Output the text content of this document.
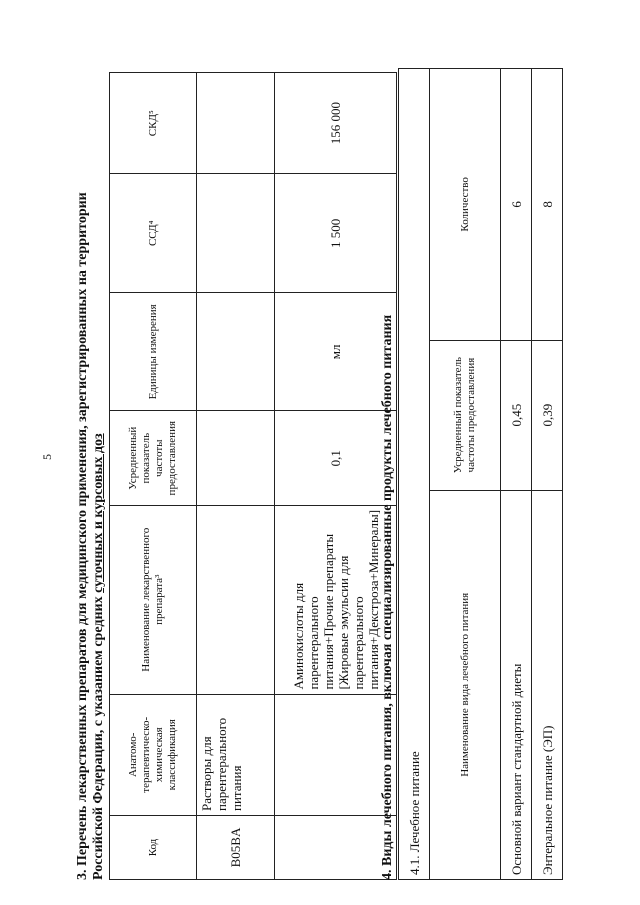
5 3. Перечень лекарственных препаратов для медицинского применения, зарегистрированных на территории
Российской Федерации, с указанием средних суточных и курсовых доз

Код	Анатомо-терапевтическо-химическая классификация	Наименование лекарственного препарата³	Усредненный показатель частоты предоставления	Единицы измерения	ССД⁴	СКД⁵
B05BA	Растворы для парентерального питания					
		Аминокислоты для парентерального питания+Прочие препараты [Жировые эмульсии для парентерального питания+Декстроза+Минералы]	0,1	мл	1 500	156 000

4. Виды лечебного питания, включая специализированные продукты лечебного питания 4.1. Лечебное питание		
Наименование вида лечебного питания	Усредненный показатель частоты предоставления	Количество
Основной вариант стандартной диеты	0,45	6
Энтеральное питание (ЭП)	0,39	8
